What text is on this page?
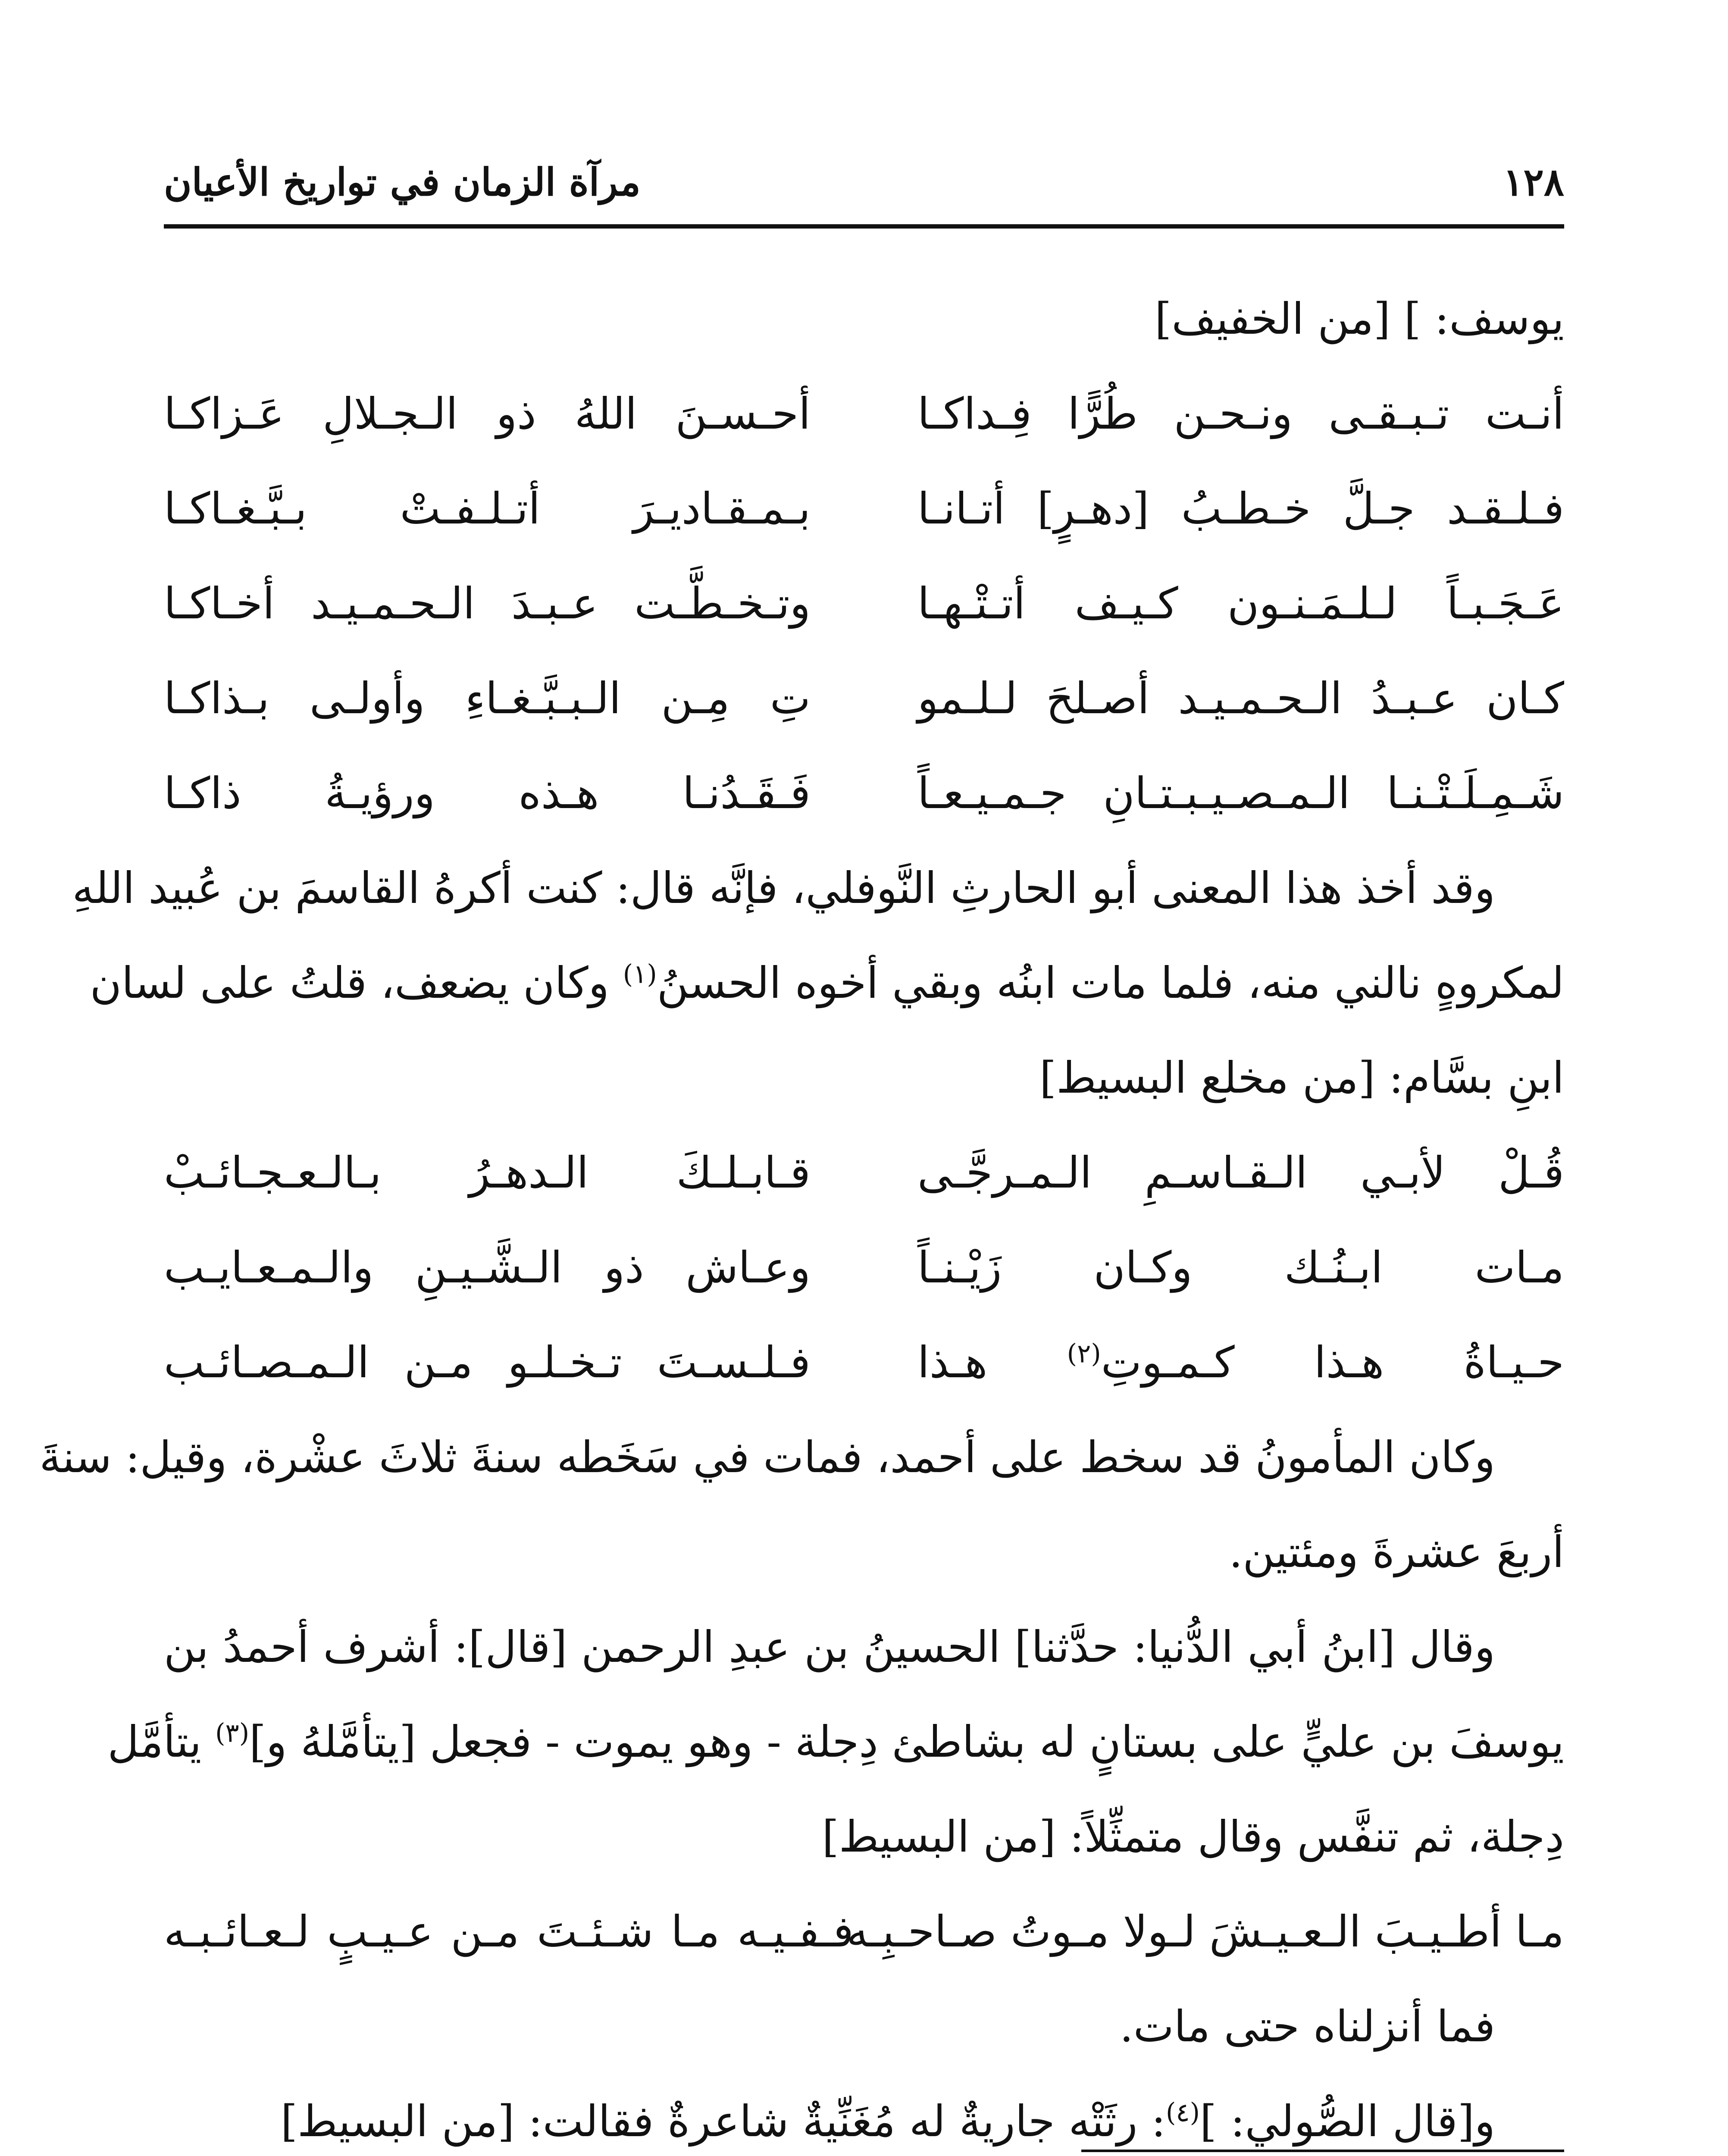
١٢٨
مرآة الزمان في تواريخ الأعيان
يوسف: ] [من الخفيف]
أنـت تـبـقـى ونـحـن طُرًّا فِـداكـا
أحـسـنَ اللهُ ذو الـجـلالِ عَـزاكـا
فـلـقـد جـلَّ خـطـبُ [دهـرٍ] أتـانـا
بـمـقـاديـرَ أتـلـفـتْ بـبَّـغـاكـا
عَـجَـبـاً لـلـمَـنـون كـيـف أتـتْـهـا
وتـخـطَّـت عـبـدَ الـحـمـيـد أخـاكـا
كـان عـبـدُ الـحـمـيـد أصـلحَ لـلـمو
تِ مِـن الـبـبَّـغـاءِ وأولـى بـذاكـا
شَـمِـلَـتْـنـا الـمـصـيـبـتـانِ جـمـيـعـاً
فَـقَـدُنـا هـذه ورؤيـةُ ذاكـا
وقد أخذ هذا المعنى أبو الحارثِ النَّوفلي، فإنَّه قال: كنت أكرهُ القاسمَ بن عُبيد اللهِ
لمكروهٍ نالني منه، فلما مات ابنُه وبقي أخوه الحسنُ$^{(١)}$ وكان يضعف، قلتُ على لسان
ابنِ بسَّام: [من مخلع البسيط]
قُـلْ لأبـي الـقـاسـمِ الـمـرجَّـى
قـابـلـكَ الـدهـرُ بـالـعـجـائـبْ
مـات ابـنُـك وكـان زَيْـنـاً
وعـاش ذو الـشَّـيـنِ والـمـعـايـب
حـيـاةُ هـذا كـمـوتِ$^{(٢)}$ هـذا
فـلـسـتَ تـخـلـو مـن الـمـصـائـب
وكان المأمونُ قد سخط على أحمد، فمات في سَخَطه سنةَ ثلاثَ عشْرة، وقيل: سنةَ
أربعَ عشرةَ ومئتين.
وقال [ابنُ أبي الدُّنيا: حدَّثنا] الحسينُ بن عبدِ الرحمن [قال]: أشرف أحمدُ بن
يوسفَ بن عليٍّ على بستانٍ له بشاطئ دِجلة - وهو يموت - فجعل [يتأمَّلهُ و]$^{(٣)}$ يتأمَّل
دِجلة، ثم تنفَّس وقال متمثِّلاً: [من البسيط]
مـا أطـيـبَ الـعـيـشَ لـولا مـوتُ صـاحـبِـه
فـفـيـه مـا شـئـتَ مـن عـيـبٍ لـعـائـبـه
فما أنزلناه حتى مات.
و[قال الصُّولي: ]$^{(٤)}$: رثَتْه جاريةٌ له مُغَنِّيةٌ شاعرةٌ فقالت: [من البسيط]
